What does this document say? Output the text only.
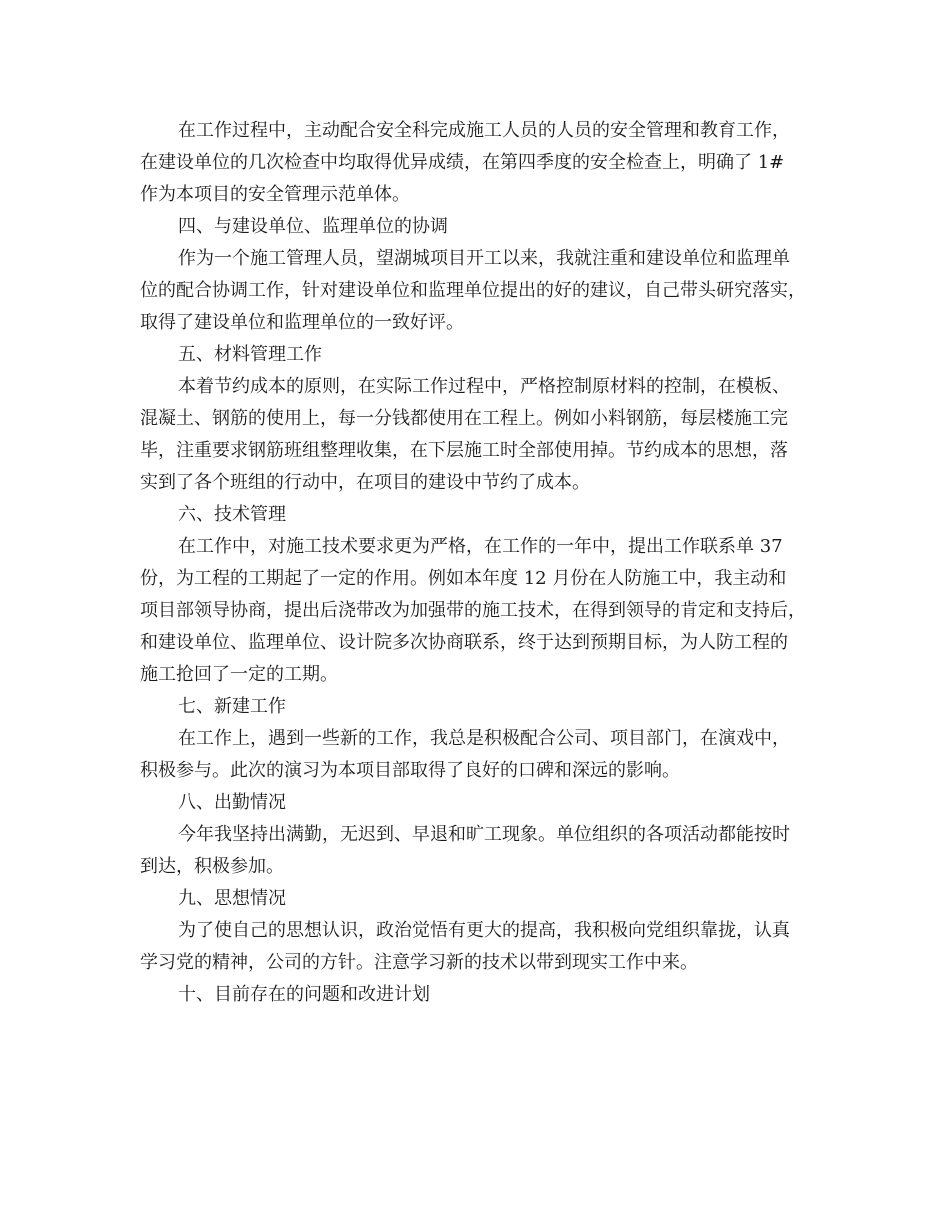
在工作过程中，主动配合安全科完成施工人员的人员的安全管理和教育工作，
在建设单位的几次检查中均取得优异成绩，在第四季度的安全检查上，明确了 1#
作为本项目的安全管理示范单体。
四、与建设单位、监理单位的协调
作为一个施工管理人员，望湖城项目开工以来，我就注重和建设单位和监理单
位的配合协调工作，针对建设单位和监理单位提出的好的建议，自己带头研究落实，
取得了建设单位和监理单位的一致好评。
五、材料管理工作
本着节约成本的原则，在实际工作过程中，严格控制原材料的控制，在模板、
混凝土、钢筋的使用上，每一分钱都使用在工程上。例如小料钢筋，每层楼施工完
毕，注重要求钢筋班组整理收集，在下层施工时全部使用掉。节约成本的思想，落
实到了各个班组的行动中，在项目的建设中节约了成本。
六、技术管理
在工作中，对施工技术要求更为严格，在工作的一年中，提出工作联系单 37
份，为工程的工期起了一定的作用。例如本年度 12 月份在人防施工中，我主动和
项目部领导协商，提出后浇带改为加强带的施工技术，在得到领导的肯定和支持后，
和建设单位、监理单位、设计院多次协商联系，终于达到预期目标，为人防工程的
施工抢回了一定的工期。
七、新建工作
在工作上，遇到一些新的工作，我总是积极配合公司、项目部门，在演戏中，
积极参与。此次的演习为本项目部取得了良好的口碑和深远的影响。
八、出勤情况
今年我坚持出满勤，无迟到、早退和旷工现象。单位组织的各项活动都能按时
到达，积极参加。
九、思想情况
为了使自己的思想认识，政治觉悟有更大的提高，我积极向党组织靠拢，认真
学习党的精神，公司的方针。注意学习新的技术以带到现实工作中来。
十、目前存在的问题和改进计划
